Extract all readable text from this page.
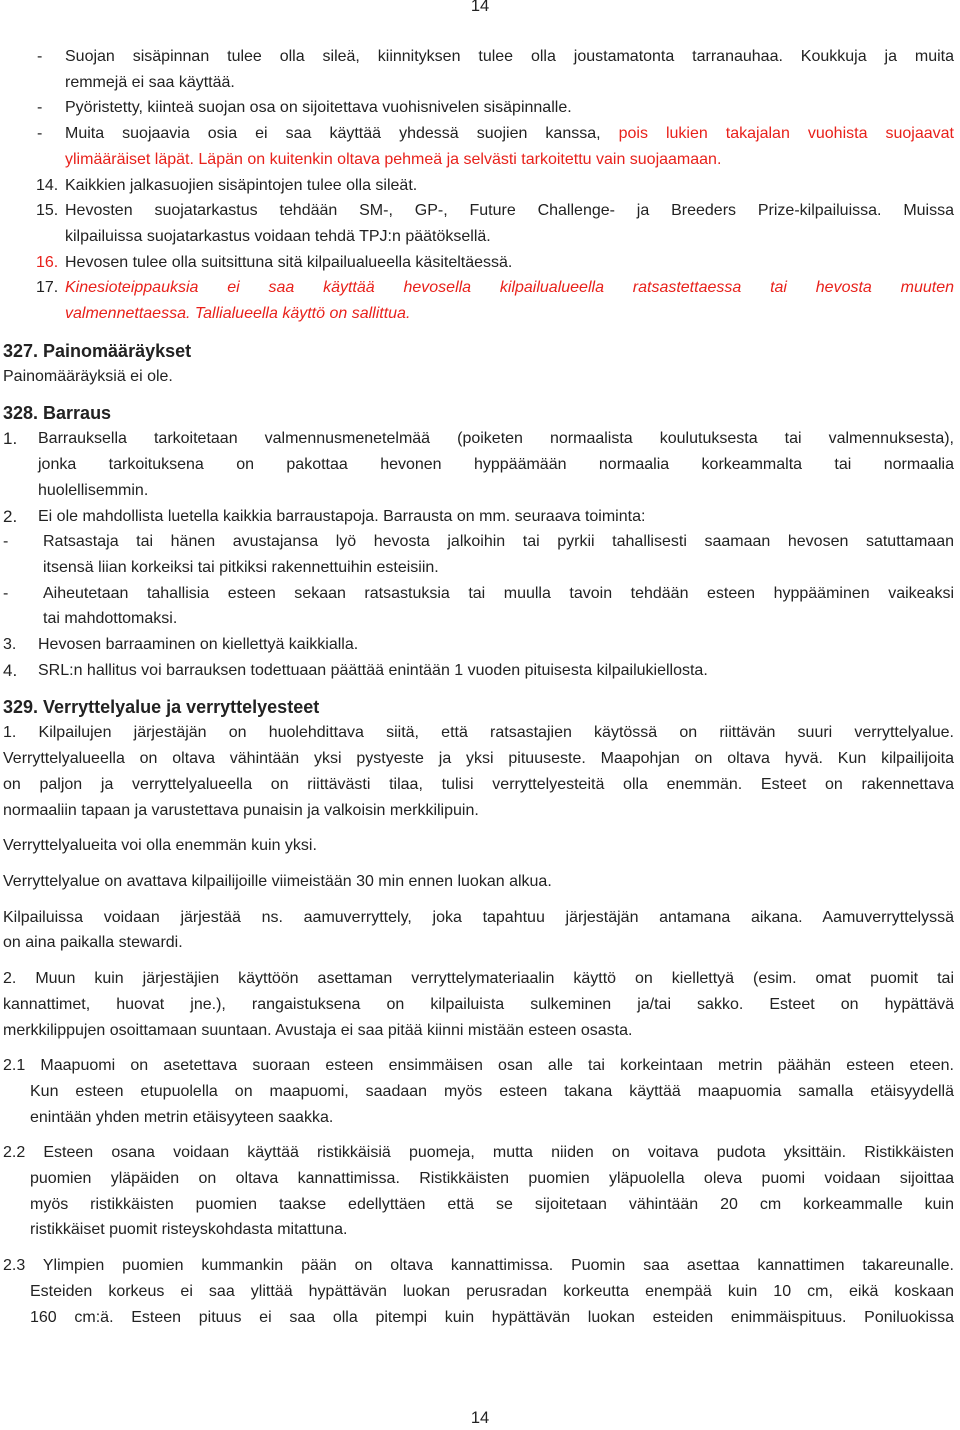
14
- Suojan sisäpinnan tulee olla sileä, kiinnityksen tulee olla joustamatonta tarranauhaa. Koukkuja ja muita
remmejä ei saa käyttää.
- Pyöristetty, kiinteä suojan osa on sijoitettava vuohisnivelen sisäpinnalle.
- Muita suojaavia osia ei saa käyttää yhdessä suojien kanssa, pois lukien takajalan vuohista suojaavat
ylimääräiset läpät. Läpän on kuitenkin oltava pehmeä ja selvästi tarkoitettu vain suojaamaan.
14. Kaikkien jalkasuojien sisäpintojen tulee olla sileät.
15. Hevosten suojatarkastus tehdään SM-, GP-, Future Challenge- ja Breeders Prize-kilpailuissa. Muissa
kilpailuissa suojatarkastus voidaan tehdä TPJ:n päätöksellä.
16. Hevosen tulee olla suitsittuna sitä kilpailualueella käsiteltäessä.
17. Kinesioteippauksia ei saa käyttää hevosella kilpailualueella ratsastettaessa tai hevosta muuten
valmennettaessa. Tallialueella käyttö on sallittua.
327. Painomääräykset
Painomääräyksiä ei ole.
328. Barraus
1. Barrauksella tarkoitetaan valmennusmenetelmää (poiketen normaalista koulutuksesta tai valmennuksesta),
jonka tarkoituksena on pakottaa hevonen hyppäämään normaalia korkeammalta tai normaalia
huolellisemmin.
2. Ei ole mahdollista luetella kaikkia barraustapoja. Barrausta on mm. seuraava toiminta:
- Ratsastaja tai hänen avustajansa lyö hevosta jalkoihin tai pyrkii tahallisesti saamaan hevosen satuttamaan
itsensä liian korkeiksi tai pitkiksi rakennettuihin esteisiin.
- Aiheutetaan tahallisia esteen sekaan ratsastuksia tai muulla tavoin tehdään esteen hyppääminen vaikeaksi
tai mahdottomaksi.
3. Hevosen barraaminen on kiellettyä kaikkialla.
4. SRL:n hallitus voi barrauksen todettuaan päättää enintään 1 vuoden pituisesta kilpailukiellosta.
329. Verryttelyalue ja verryttelyesteet
1. Kilpailujen järjestäjän on huolehdittava siitä, että ratsastajien käytössä on riittävän suuri verryttelyalue.
Verryttelyalueella on oltava vähintään yksi pystyeste ja yksi pituuseste. Maapohjan on oltava hyvä. Kun kilpailijoita
on paljon ja verryttelyalueella on riittävästi tilaa, tulisi verryttelyesteitä olla enemmän. Esteet on rakennettava
normaaliin tapaan ja varustettava punaisin ja valkoisin merkkilipuin.
Verryttelyalueita voi olla enemmän kuin yksi.
Verryttelyalue on avattava kilpailijoille viimeistään 30 min ennen luokan alkua.
Kilpailuissa voidaan järjestää ns. aamuverryttely, joka tapahtuu järjestäjän antamana aikana. Aamuverryttelyssä
on aina paikalla stewardi.
2. Muun kuin järjestäjien käyttöön asettaman verryttelymateriaalin käyttö on kiellettyä (esim. omat puomit tai
kannattimet, huovat jne.), rangaistuksena on kilpailuista sulkeminen ja/tai sakko. Esteet on hypättävä
merkkilippujen osoittamaan suuntaan. Avustaja ei saa pitää kiinni mistään esteen osasta.
2.1 Maapuomi on asetettava suoraan esteen ensimmäisen osan alle tai korkeintaan metrin päähän esteen eteen.
Kun esteen etupuolella on maapuomi, saadaan myös esteen takana käyttää maapuomia samalla etäisyydellä
enintään yhden metrin etäisyyteen saakka.
2.2 Esteen osana voidaan käyttää ristikkäisiä puomeja, mutta niiden on voitava pudota yksittäin. Ristikkäisten
puomien yläpäiden on oltava kannattimissa. Ristikkäisten puomien yläpuolella oleva puomi voidaan sijoittaa
myös ristikkäisten puomien taakse edellyttäen että se sijoitetaan vähintään 20 cm korkeammalle kuin
ristikkäiset puomit risteyskohdasta mitattuna.
2.3 Ylimpien puomien kummankin pään on oltava kannattimissa. Puomin saa asettaa kannattimen takareunalle.
Esteiden korkeus ei saa ylittää hypättävän luokan perusradan korkeutta enempää kuin 10 cm, eikä koskaan
160 cm:ä. Esteen pituus ei saa olla pitempi kuin hypättävän luokan esteiden enimmäispituus. Poniluokissa
14
